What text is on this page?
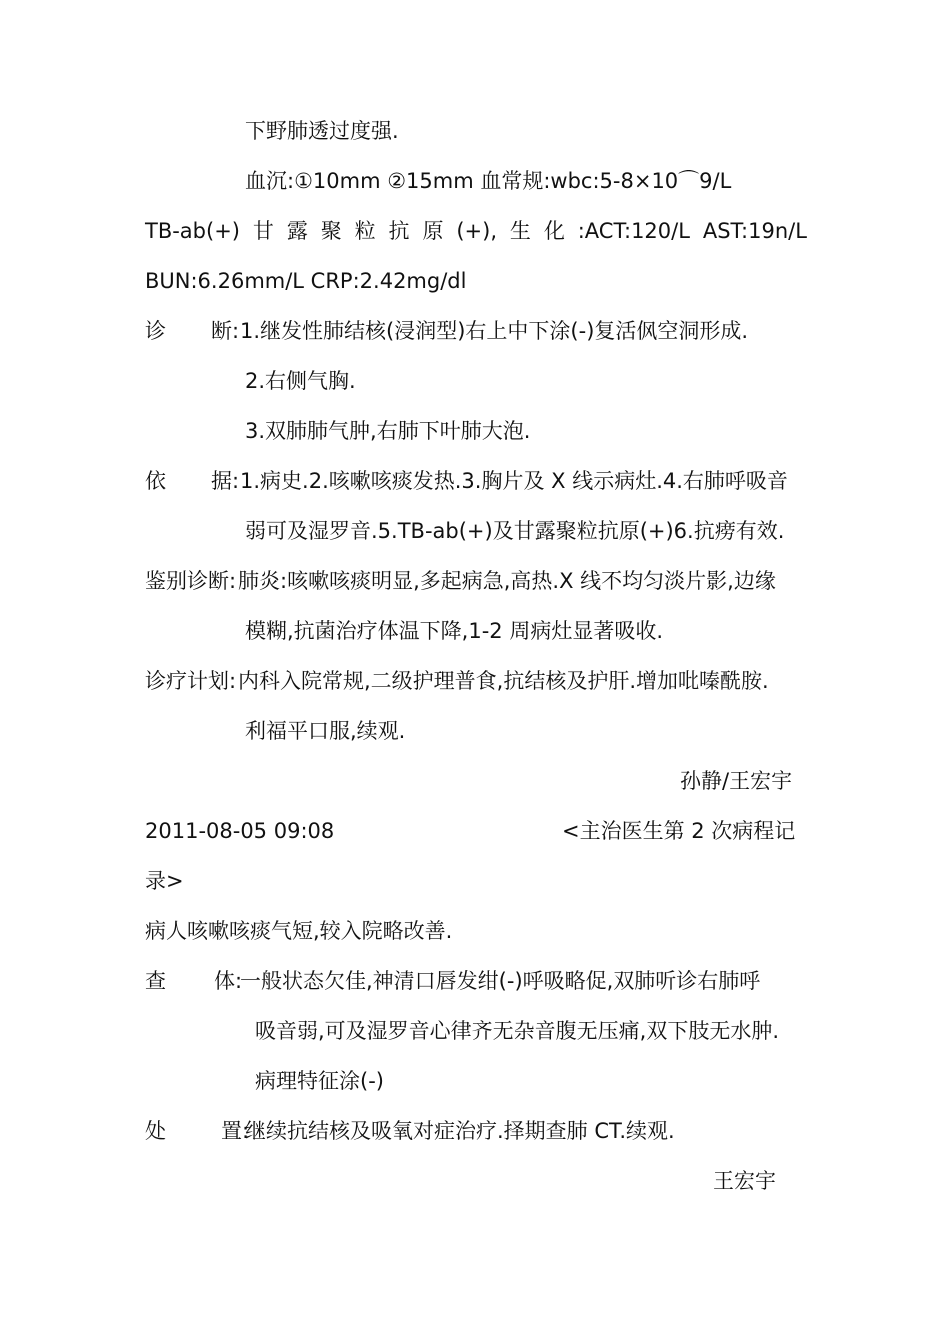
下野肺透过度强.
血沉:①10mm ②15mm 血常规:wbc:5-8×10⌒9/L
TB-ab(+) 甘 露 聚 粒 抗 原 (+), 生 化 :ACT:120/L AST:19n/L
BUN:6.26mm/L CRP:2.42mg/dl
诊 断: 1.继发性肺结核(浸润型)右上中下涂(-)复活㐽空洞形成.
2.右侧气胸.
3.双肺肺气肿,右肺下叶肺大泡.
依 据: 1.病史.2.咳嗽咳痰发热.3.胸片及 X 线示病灶.4.右肺呼吸音
弱可及湿罗音.5.TB-ab(+)及甘露聚粒抗原(+)6.抗痨有效.
鉴别诊断: 肺炎:咳嗽咳痰明显,多起病急,高热.X 线不均匀淡片影,边缘
模糊,抗菌治疗体温下降,1-2 周病灶显著吸收.
诊疗计划: 内科入院常规,二级护理普食,抗结核及护肝.增加吡嗪酰胺.
利福平口服,续观.
孙静/王宏宇
2011-08-05 09:08	<主治医生第 2 次病程记
录>
病人咳嗽咳痰气短,较入院略改善.
查 体:
一般状态欠佳,神清口唇发绀(-)呼吸略促,双肺听诊右肺呼
吸音弱,可及湿罗音心律齐无杂音腹无压痛,双下肢无水肿.
病理特征涂(-)
处	置:
继续抗结核及吸氧对症治疗.择期查肺 CT.续观.
王宏宇
